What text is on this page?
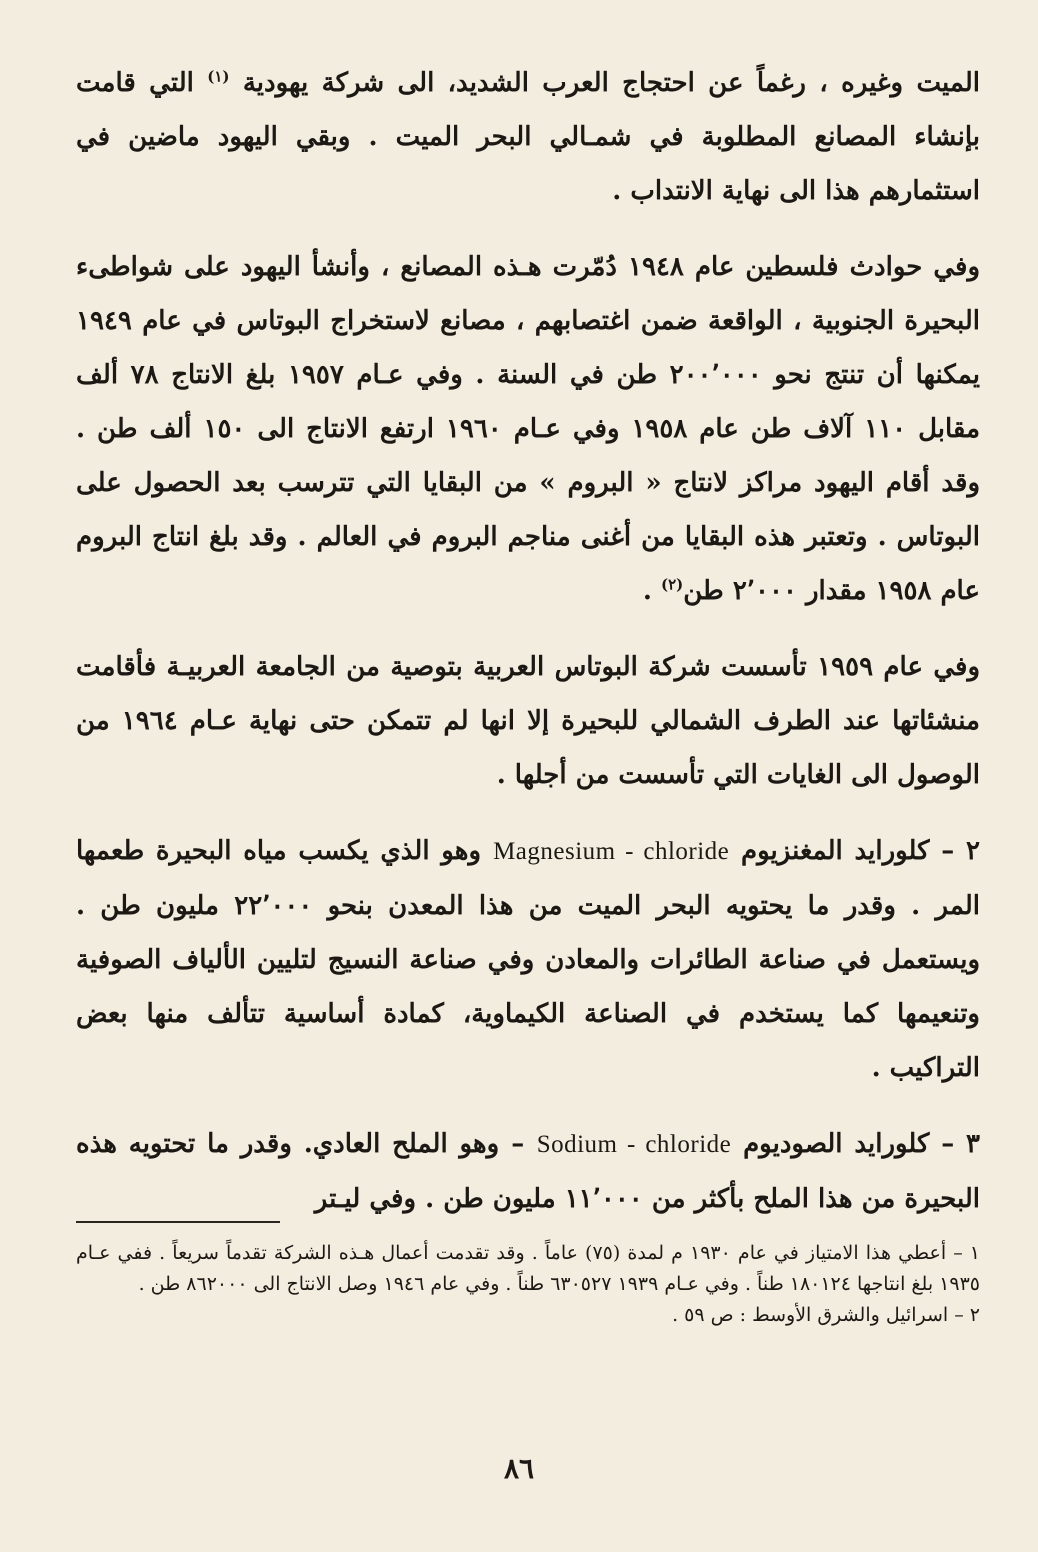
الميت وغيره ، رغماً عن احتجاج العرب الشديد، الى شركة يهودية $^{(١)}$ التي قامت بإنشاء المصانع المطلوبة في شمـالي البحر الميت . وبقي اليهود ماضين في استثمارهم هذا الى نهاية الانتداب .

وفي حوادث فلسطين عام ١٩٤٨ دُمّرت هـذه المصانع ، وأنشأ اليهود على شواطىء البحيرة الجنوبية ، الواقعة ضمن اغتصابهم ، مصانع لاستخراج البوتاس في عام ١٩٤٩ يمكنها أن تنتج نحو ٢٠٠٬٠٠٠ طن في السنة . وفي عـام ١٩٥٧ بلغ الانتاج ٧٨ ألف مقابل ١١٠ آلاف طن عام ١٩٥٨ وفي عـام ١٩٦٠ ارتفع الانتاج الى ١٥٠ ألف طن . وقد أقام اليهود مراكز لانتاج « البروم » من البقايا التي تترسب بعد الحصول على البوتاس . وتعتبر هذه البقايا من أغنى مناجم البروم في العالم . وقد بلغ انتاج البروم عام ١٩٥٨ مقدار ٢٬٠٠٠ طن$^{(٢)}$ .

وفي عام ١٩٥٩ تأسست شركة البوتاس العربية بتوصية من الجامعة العربيـة فأقامت منشئاتها عند الطرف الشمالي للبحيرة إلا انها لم تتمكن حتى نهاية عـام ١٩٦٤ من الوصول الى الغايات التي تأسست من أجلها .

٢ – كلورايد المغنزيوم Magnesium - chloride وهو الذي يكسب مياه البحيرة طعمها المر . وقدر ما يحتويه البحر الميت من هذا المعدن بنحو ٢٢٬٠٠٠ مليون طن . ويستعمل في صناعة الطائرات والمعادن وفي صناعة النسيج لتليين الألياف الصوفية وتنعيمها كما يستخدم في الصناعة الكيماوية، كمادة أساسية تتألف منها بعض التراكيب .

٣ – كلورايد الصوديوم Sodium - chloride – وهو الملح العادي. وقدر ما تحتويه هذه البحيرة من هذا الملح بأكثر من ١١٬٠٠٠ مليون طن . وفي ليـتر

١ – أعطي هذا الامتياز في عام ١٩٣٠ م لمدة (٧٥) عاماً . وقد تقدمت أعمال هـذه الشركة تقدماً سريعاً . ففي عـام ١٩٣٥ بلغ انتاجها ١٨٠١٢٤ طناً . وفي عـام ١٩٣٩ ٦٣٠٥٢٧ طناً . وفي عام ١٩٤٦ وصل الانتاج الى ٨٦٢٠٠٠ طن .

٢ – اسرائيل والشرق الأوسط : ص ٥٩ .

٨٦
